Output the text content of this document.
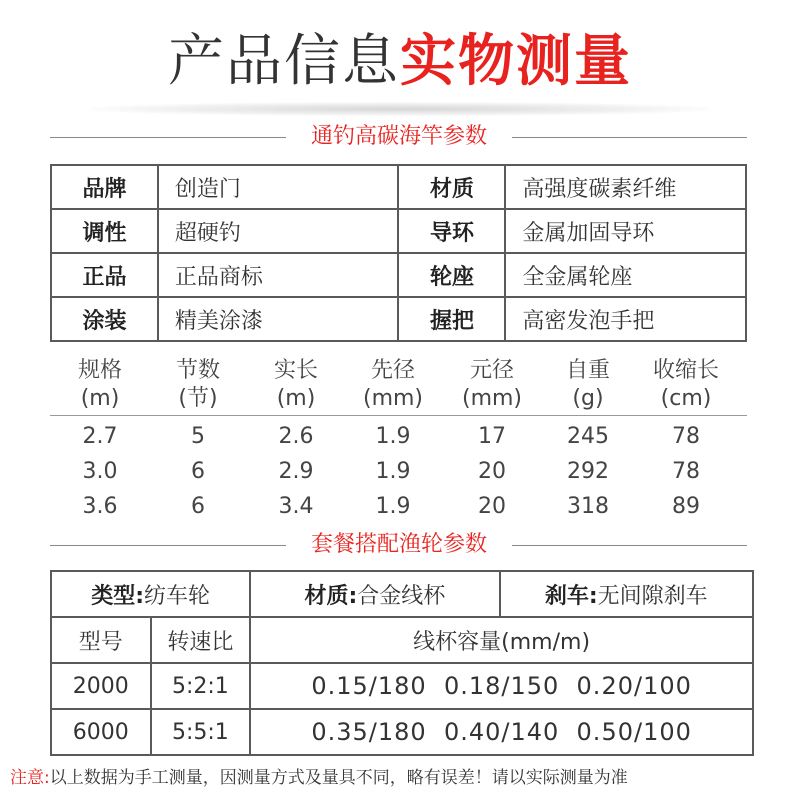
产品信息实物测量
通钓高碳海竿参数
品牌	创造门	材质	高强度碳素纤维
调性	超硬钓	导环	金属加固导环
正品	正品商标	轮座	全金属轮座
涂装	精美涂漆	握把	高密发泡手把
规格	节数	实长	先径	元径	自重	收缩长
(m)	(节)	(m)	(mm)	(mm)	(g)	(cm)
2.7	5	2.6	1.9	17	245	78
3.0	6	2.9	1.9	20	292	78
3.6	6	3.4	1.9	20	318	89
套餐搭配渔轮参数
类型:纺车轮		材质:合金线杯	刹车:无间隙刹车
型号	转速比	线杯容量(mm/m)	
2000	5:2:1	0.15/180  0.18/150  0.20/100	
6000	5:5:1	0.35/180  0.40/140  0.50/100	
注意:以上数据为手工测量，因测量方式及量具不同，略有误差！请以实际测量为准
